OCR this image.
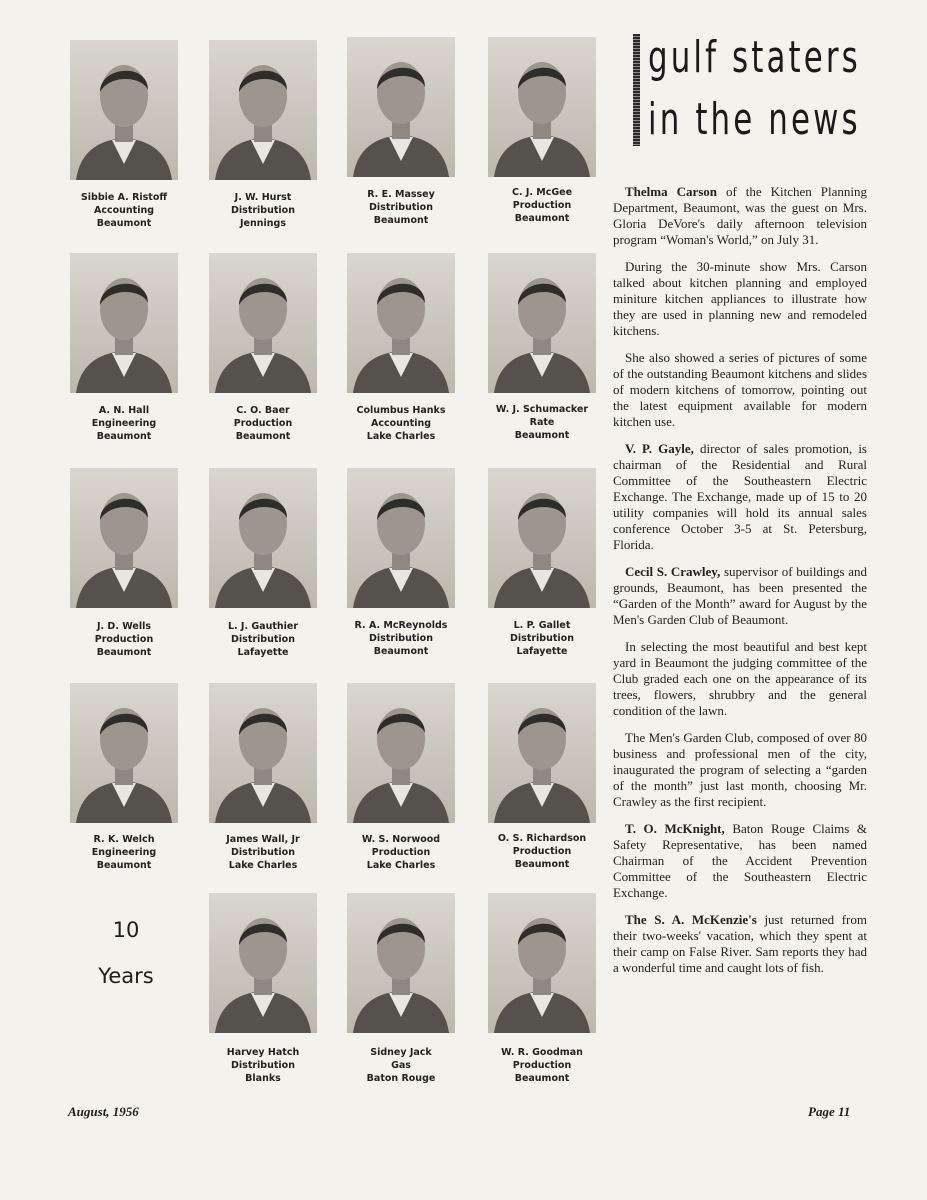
Sibbie A. Ristoff
Accounting
Beaumont
J. W. Hurst
Distribution
Jennings
R. E. Massey
Distribution
Beaumont
C. J. McGee
Production
Beaumont
A. N. Hall
Engineering
Beaumont
C. O. Baer
Production
Beaumont
Columbus Hanks
Accounting
Lake Charles
W. J. Schumacker
Rate
Beaumont
J. D. Wells
Production
Beaumont
L. J. Gauthier
Distribution
Lafayette
R. A. McReynolds
Distribution
Beaumont
L. P. Gallet
Distribution
Lafayette
R. K. Welch
Engineering
Beaumont
James Wall, Jr
Distribution
Lake Charles
W. S. Norwood
Production
Lake Charles
O. S. Richardson
Production
Beaumont
10
Years
Harvey Hatch
Distribution
Blanks
Sidney Jack
Gas
Baton Rouge
W. R. Goodman
Production
Beaumont
gulf staters
in the news

Thelma Carson of the Kitchen Planning Department, Beaumont, was the guest on Mrs. Gloria DeVore's daily afternoon television program “Woman's World,” on July 31.

During the 30-minute show Mrs. Carson talked about kitchen planning and employed miniture kitchen appliances to illustrate how they are used in planning new and remodeled kitchens.

She also showed a series of pictures of some of the outstanding Beaumont kitchens and slides of modern kitchens of tomorrow, pointing out the latest equipment available for modern kitchen use.

V. P. Gayle, director of sales promotion, is chairman of the Residential and Rural Committee of the Southeastern Electric Exchange. The Exchange, made up of 15 to 20 utility companies will hold its annual sales conference October 3-5 at St. Petersburg, Florida.

Cecil S. Crawley, supervisor of buildings and grounds, Beaumont, has been presented the “Garden of the Month” award for August by the Men's Garden Club of Beaumont.

In selecting the most beautiful and best kept yard in Beaumont the judging committee of the Club graded each one on the appearance of its trees, flowers, shrubbry and the general condition of the lawn.

The Men's Garden Club, composed of over 80 business and professional men of the city, inaugurated the program of selecting a “garden of the month” just last month, choosing Mr. Crawley as the first recipient.

T. O. McKnight, Baton Rouge Claims & Safety Representative, has been named Chairman of the Accident Prevention Committee of the Southeastern Electric Exchange.

The S. A. McKenzie's just returned from their two-weeks' vacation, which they spent at their camp on False River. Sam reports they had a wonderful time and caught lots of fish.

August, 1956	Page 11
